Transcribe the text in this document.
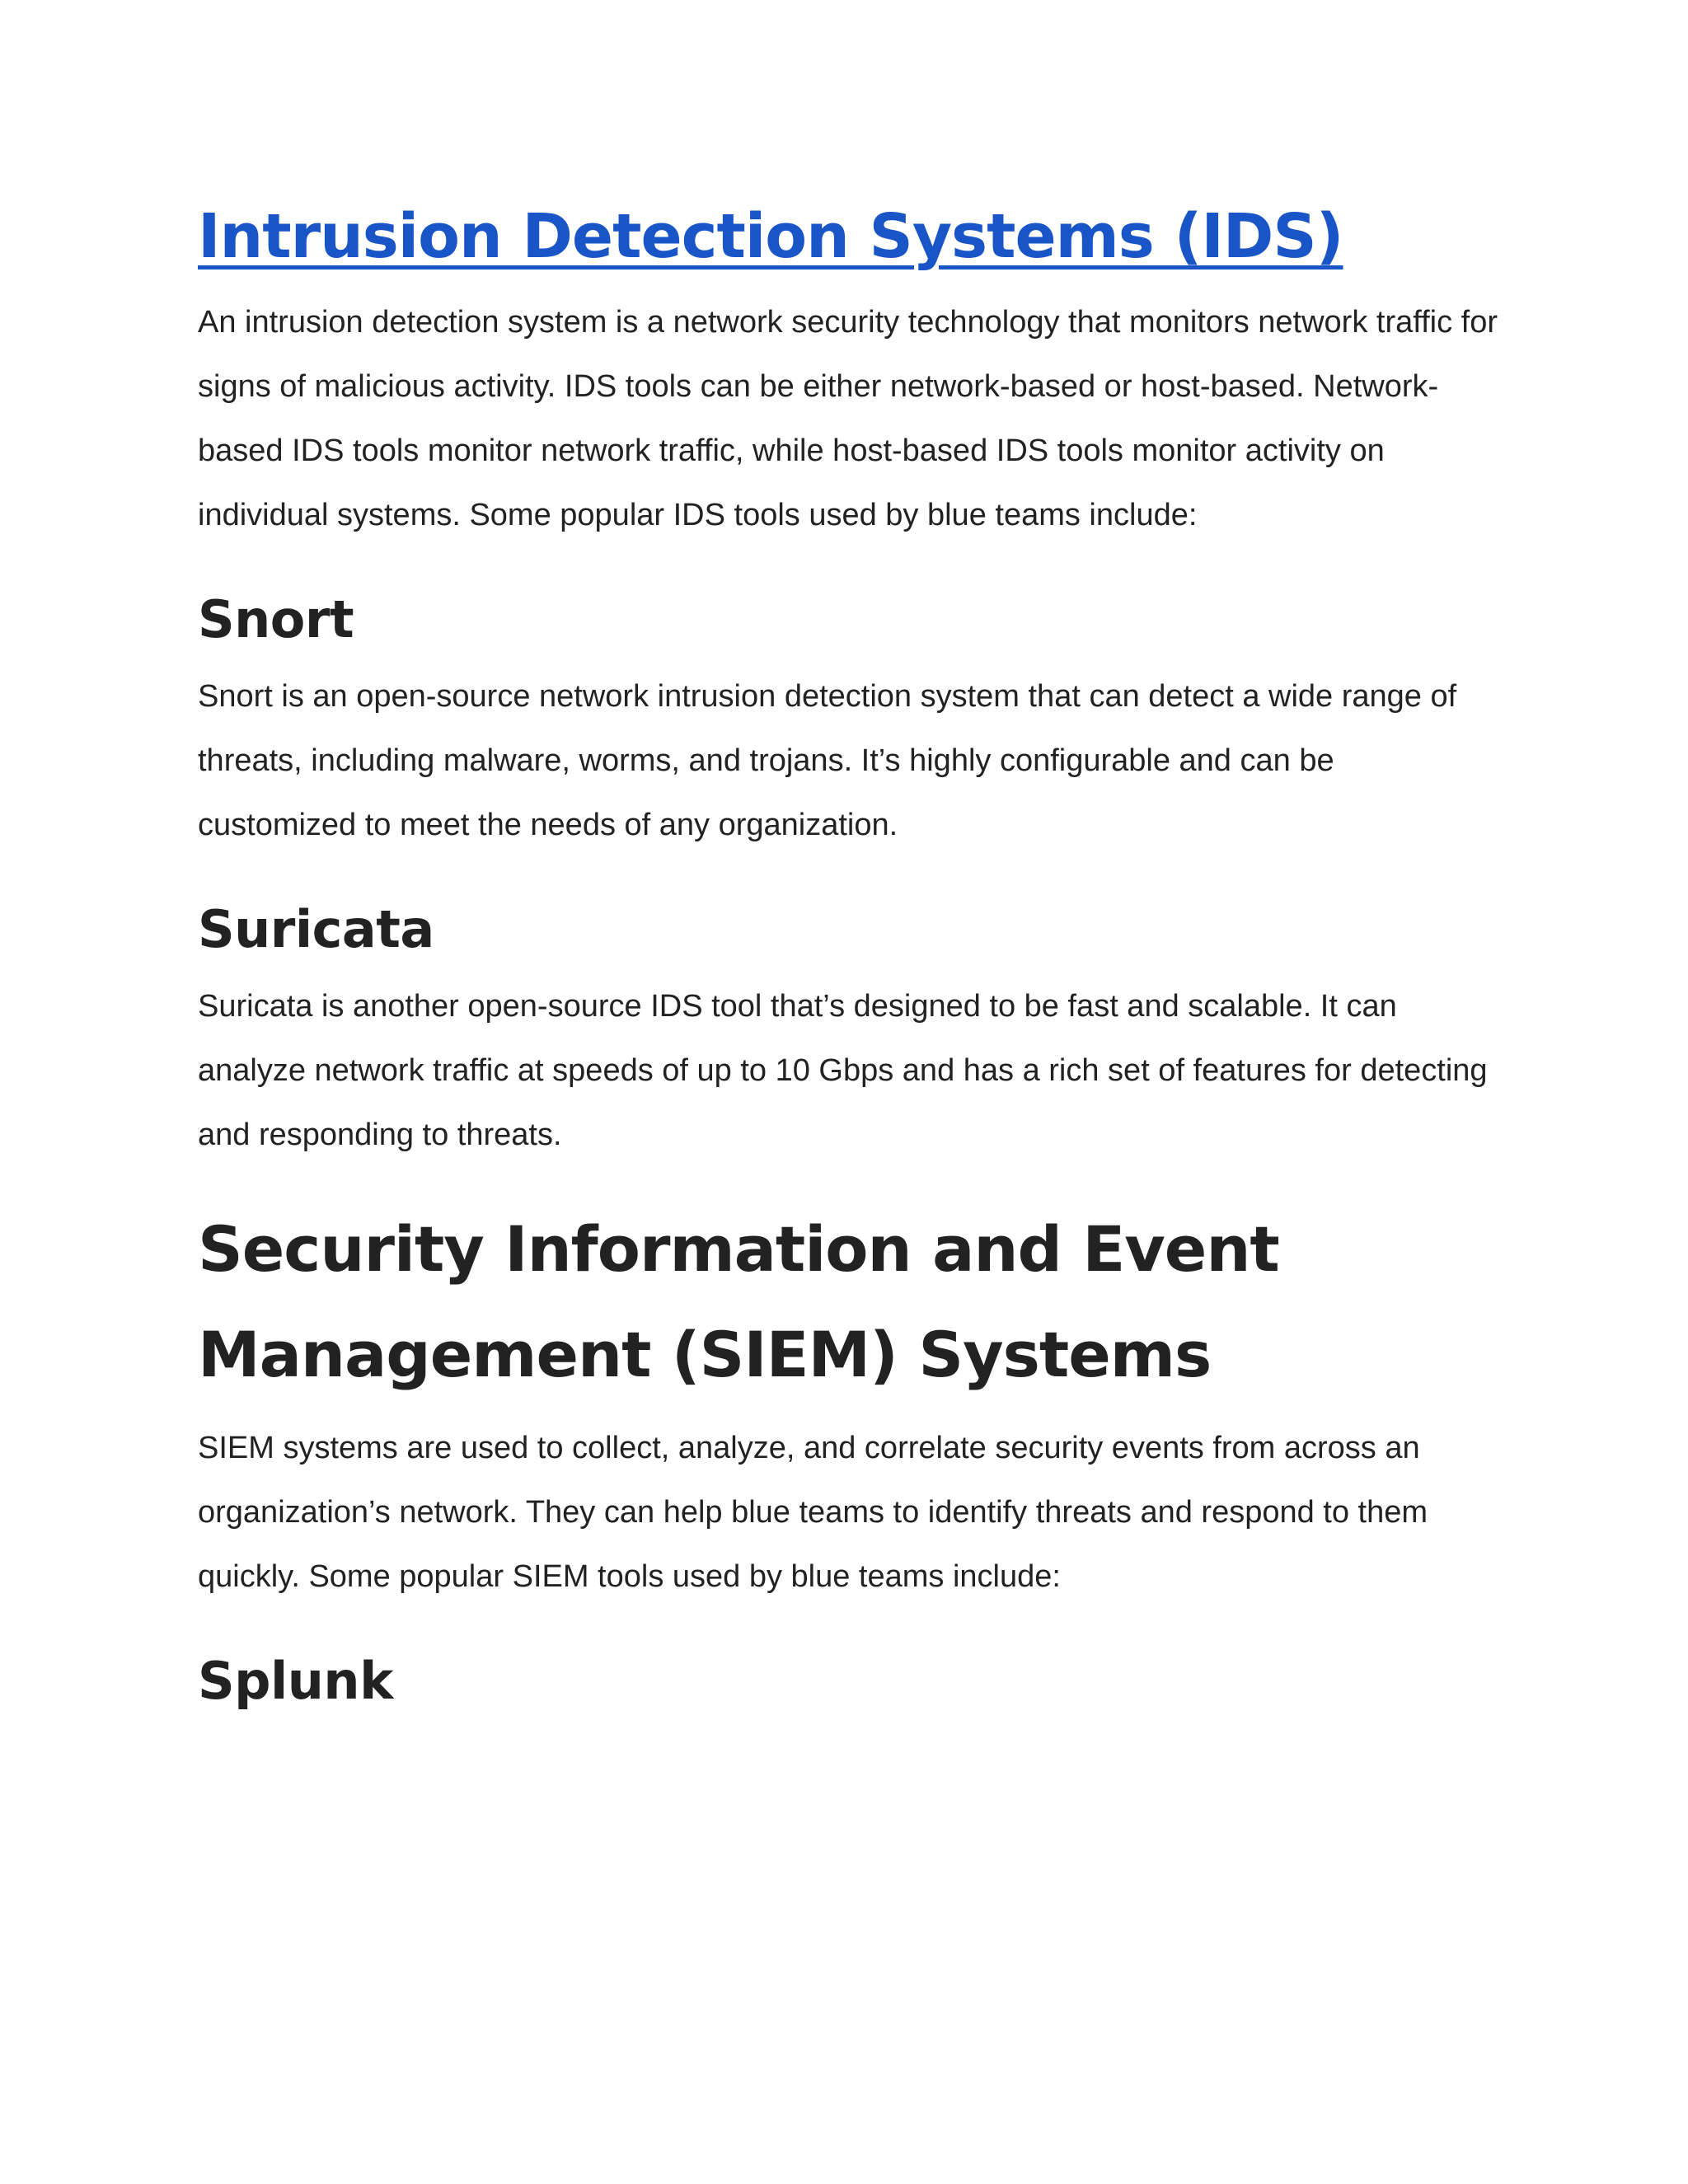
Intrusion Detection Systems (IDS)

An intrusion detection system is a network security technology that monitors network traffic for signs of malicious activity. IDS tools can be either network-based or host-based. Network-based IDS tools monitor network traffic, while host-based IDS tools monitor activity on individual systems. Some popular IDS tools used by blue teams include:

Snort

Snort is an open-source network intrusion detection system that can detect a wide range of threats, including malware, worms, and trojans. It’s highly configurable and can be customized to meet the needs of any organization.

Suricata

Suricata is another open-source IDS tool that’s designed to be fast and scalable. It can analyze network traffic at speeds of up to 10 Gbps and has a rich set of features for detecting and responding to threats.

Security Information and Event Management (SIEM) Systems

SIEM systems are used to collect, analyze, and correlate security events from across an organization’s network. They can help blue teams to identify threats and respond to them quickly. Some popular SIEM tools used by blue teams include:

Splunk
